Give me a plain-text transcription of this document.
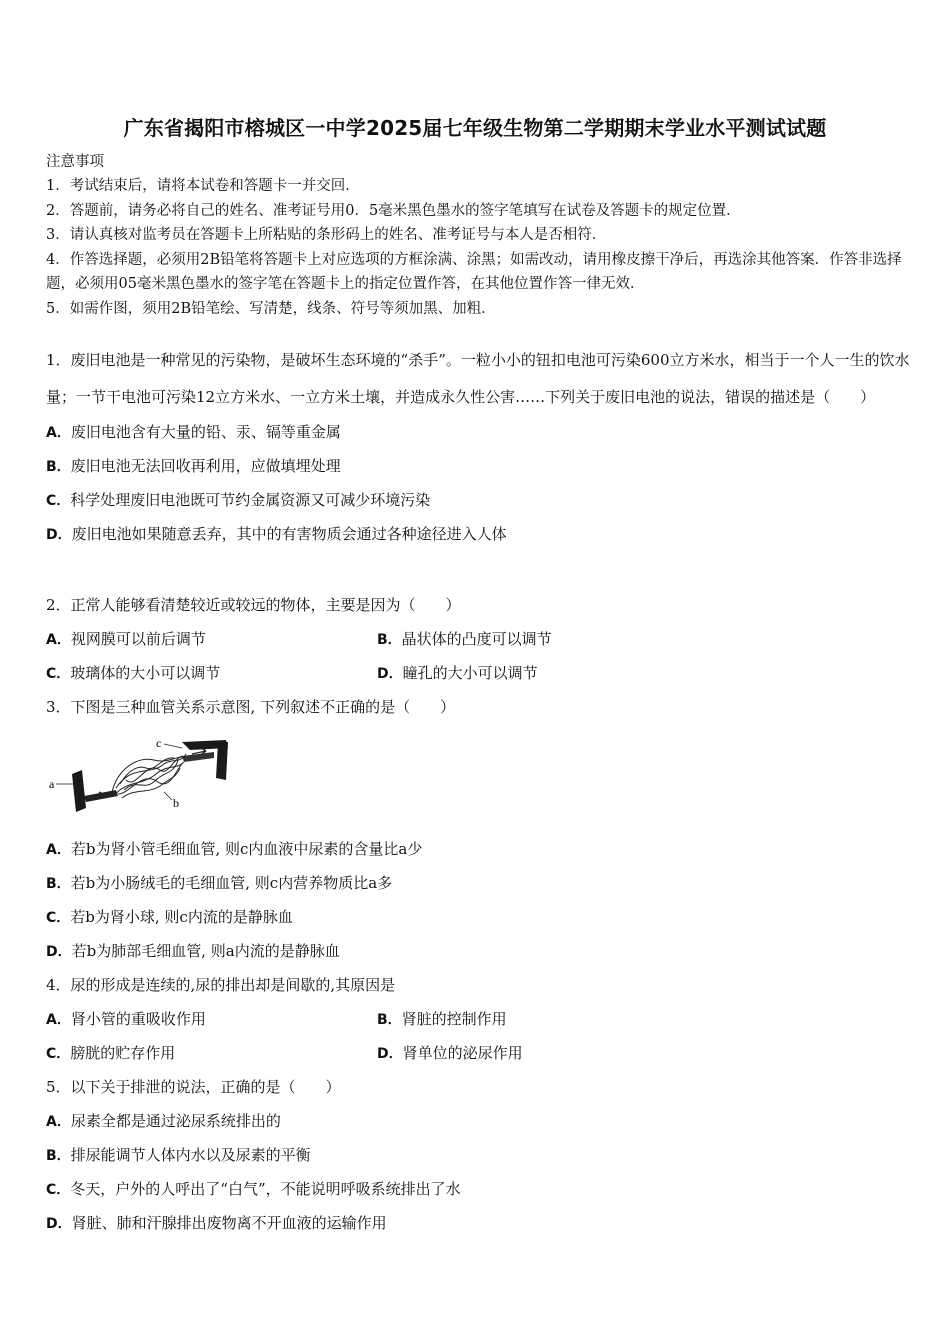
广东省揭阳市榕城区一中学2025届七年级生物第二学期期末学业水平测试试题
注意事项
1．考试结束后，请将本试卷和答题卡一并交回．
2．答题前，请务必将自己的姓名、准考证号用0．5毫米黑色墨水的签字笔填写在试卷及答题卡的规定位置．
3．请认真核对监考员在答题卡上所粘贴的条形码上的姓名、准考证号与本人是否相符．
4．作答选择题，必须用2B铅笔将答题卡上对应选项的方框涂满、涂黑；如需改动，请用橡皮擦干净后，再选涂其他答案．作答非选择题，必须用05毫米黑色墨水的签字笔在答题卡上的指定位置作答，在其他位置作答一律无效．
5．如需作图，须用2B铅笔绘、写清楚，线条、符号等须加黑、加粗．
1．废旧电池是一种常见的污染物，是破坏生态环境的“杀手”。一粒小小的钮扣电池可污染600立方米水，相当于一个人一生的饮水量；一节干电池可污染12立方米水、一立方米土壤，并造成永久性公害……下列关于废旧电池的说法，错误的描述是（　　）
A．废旧电池含有大量的铅、汞、镉等重金属
B．废旧电池无法回收再利用，应做填埋处理
C．科学处理废旧电池既可节约金属资源又可减少环境污染
D．废旧电池如果随意丢弃，其中的有害物质会通过各种途径进入人体
2．正常人能够看清楚较近或较远的物体，主要是因为（　　）
A．视网膜可以前后调节	B．晶状体的凸度可以调节
C．玻璃体的大小可以调节	D．瞳孔的大小可以调节
3．下图是三种血管关系示意图, 下列叙述不正确的是（　　）
a
c
b
A．若b为肾小管毛细血管, 则c内血液中尿素的含量比a少
B．若b为小肠绒毛的毛细血管, 则c内营养物质比a多
C．若b为肾小球, 则c内流的是静脉血
D．若b为肺部毛细血管, 则a内流的是静脉血
4．尿的形成是连续的,尿的排出却是间歇的,其原因是
A．肾小管的重吸收作用	B．肾脏的控制作用
C．膀胱的贮存作用	D．肾单位的泌尿作用
5．以下关于排泄的说法，正确的是（　　）
A．尿素全都是通过泌尿系统排出的
B．排尿能调节人体内水以及尿素的平衡
C．冬天，户外的人呼出了“白气”，不能说明呼吸系统排出了水
D．肾脏、肺和汗腺排出废物离不开血液的运输作用
